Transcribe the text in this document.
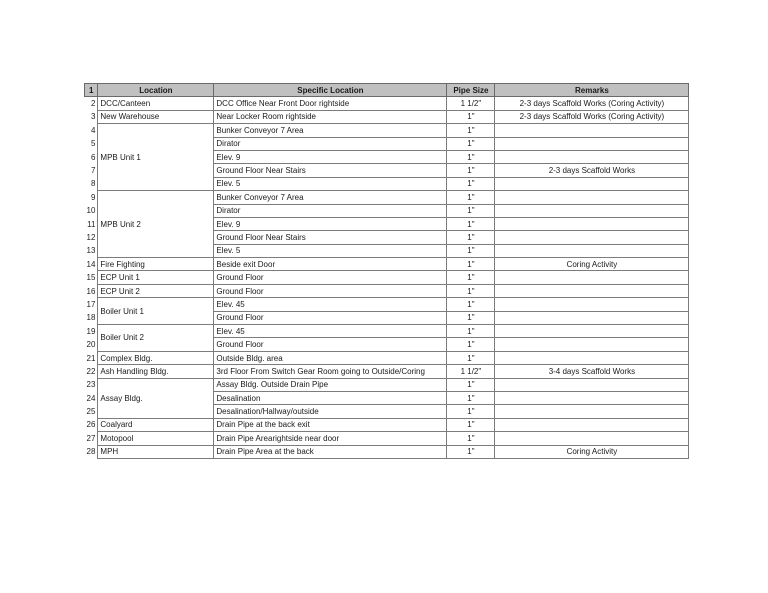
1	Location	Specific Location	Pipe Size	Remarks
2	DCC/Canteen	DCC Office Near Front Door rightside	1 1/2"	2-3 days Scaffold Works (Coring Activity)
3	New Warehouse	Near Locker Room rightside	1"	2-3 days Scaffold Works (Coring Activity)
4	MPB Unit 1	Bunker Conveyor 7 Area	1"	
5		Dirator	1"	
6		Elev. 9	1"	
7		Ground Floor Near Stairs	1"	2-3 days Scaffold Works
8		Elev. 5	1"	
9	MPB Unit 2	Bunker Conveyor 7 Area	1"	
10		Dirator	1"	
11		Elev. 9	1"	
12		Ground Floor Near Stairs	1"	
13		Elev. 5	1"	
14	Fire Fighting	Beside exit Door	1"	Coring Activity
15	ECP Unit 1	Ground Floor	1"	
16	ECP Unit 2	Ground Floor	1"	
17	Boiler Unit 1	Elev. 45	1"	
18		Ground Floor	1"	
19	Boiler Unit 2	Elev. 45	1"	
20		Ground Floor	1"	
21	Complex Bldg.	Outside Bldg. area	1"	
22	Ash Handling Bldg.	3rd Floor From Switch Gear Room going to Outside/Coring	1 1/2"	3-4 days Scaffold Works
23	Assay Bldg.	Assay Bldg. Outside Drain Pipe	1"	
24		Desalination	1"	
25		Desalination/Hallway/outside	1"	
26	Coalyard	Drain Pipe at the back exit	1"	
27	Motopool	Drain Pipe Arearightside near door	1"	
28	MPH	Drain Pipe Area at the back	1"	Coring Activity
